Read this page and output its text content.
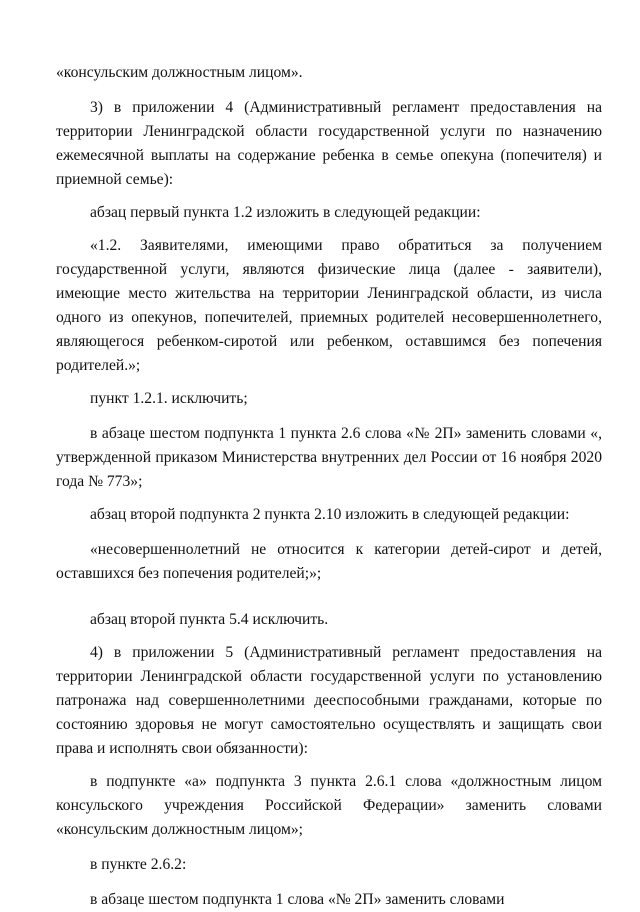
«консульским должностным лицом».

3) в приложении 4 (Административный регламент предоставления на территории Ленинградской области государственной услуги по назначению ежемесячной выплаты на содержание ребенка в семье опекуна (попечителя) и приемной семье):

абзац первый пункта 1.2 изложить в следующей редакции:

«1.2. Заявителями, имеющими право обратиться за получением государственной услуги, являются физические лица (далее - заявители), имеющие место жительства на территории Ленинградской области, из числа одного из опекунов, попечителей, приемных родителей несовершеннолетнего, являющегося ребенком-сиротой или ребенком, оставшимся без попечения родителей.»;

пункт 1.2.1. исключить;

в абзаце шестом подпункта 1 пункта 2.6 слова «№ 2П» заменить словами «, утвержденной приказом Министерства внутренних дел России от 16 ноября 2020 года № 773»;

абзац второй подпункта 2 пункта 2.10 изложить в следующей редакции:

«несовершеннолетний не относится к категории детей-сирот и детей, оставшихся без попечения родителей;»;

абзац второй пункта 5.4 исключить.

4) в приложении 5 (Административный регламент предоставления на территории Ленинградской области государственной услуги по установлению патронажа над совершеннолетними дееспособными гражданами, которые по состоянию здоровья не могут самостоятельно осуществлять и защищать свои права и исполнять свои обязанности):

в подпункте «а» подпункта 3 пункта 2.6.1 слова «должностным лицом консульского учреждения Российской Федерации» заменить словами «консульским должностным лицом»;

в пункте 2.6.2:

в абзаце шестом подпункта 1 слова «№ 2П» заменить словами
